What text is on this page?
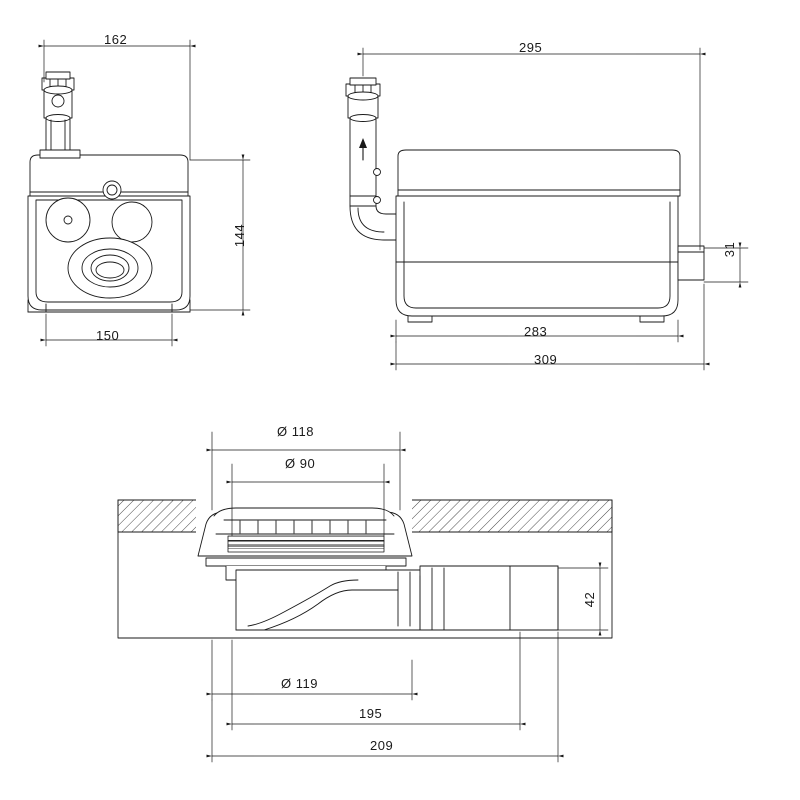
162
144
150
295
31
283
309
Ø 118
Ø 90
42
Ø 119
195
209
